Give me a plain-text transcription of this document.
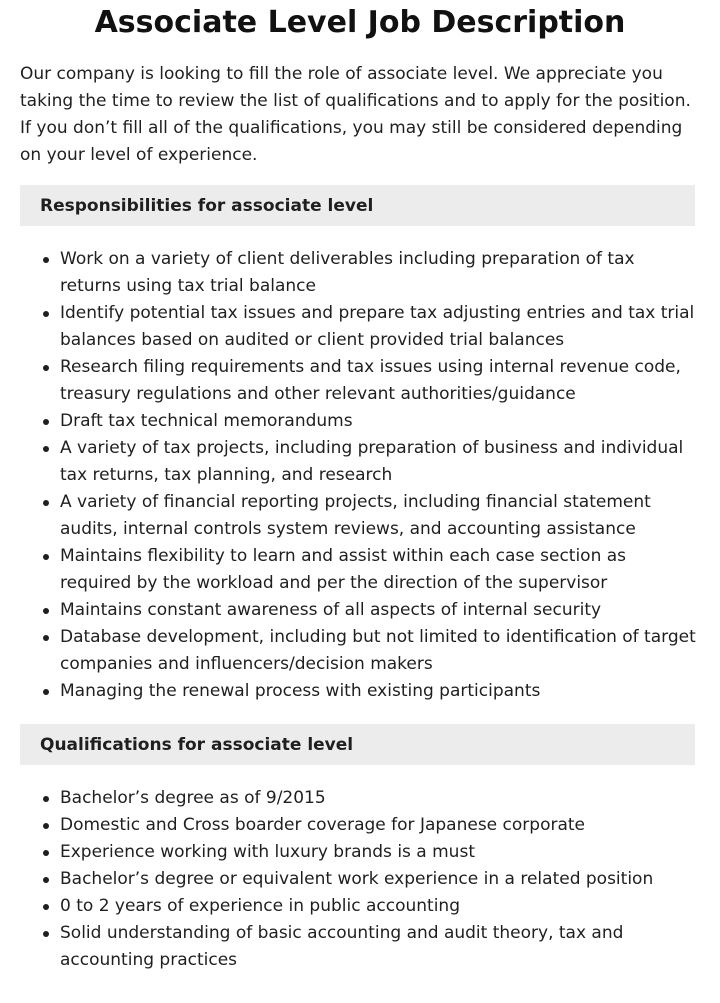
Associate Level Job Description

Our company is looking to fill the role of associate level. We appreciate you taking the time to review the list of qualifications and to apply for the position. If you don’t fill all of the qualifications, you may still be considered depending on your level of experience.

Responsibilities for associate level
Work on a variety of client deliverables including preparation of tax returns using tax trial balance
Identify potential tax issues and prepare tax adjusting entries and tax trial balances based on audited or client provided trial balances
Research filing requirements and tax issues using internal revenue code, treasury regulations and other relevant authorities/guidance
Draft tax technical memorandums
A variety of tax projects, including preparation of business and individual tax returns, tax planning, and research
A variety of financial reporting projects, including financial statement audits, internal controls system reviews, and accounting assistance
Maintains flexibility to learn and assist within each case section as required by the workload and per the direction of the supervisor
Maintains constant awareness of all aspects of internal security
Database development, including but not limited to identification of target companies and influencers/decision makers
Managing the renewal process with existing participants
Qualifications for associate level
Bachelor’s degree as of 9/2015
Domestic and Cross boarder coverage for Japanese corporate
Experience working with luxury brands is a must
Bachelor’s degree or equivalent work experience in a related position
0 to 2 years of experience in public accounting
Solid understanding of basic accounting and audit theory, tax and accounting practices
